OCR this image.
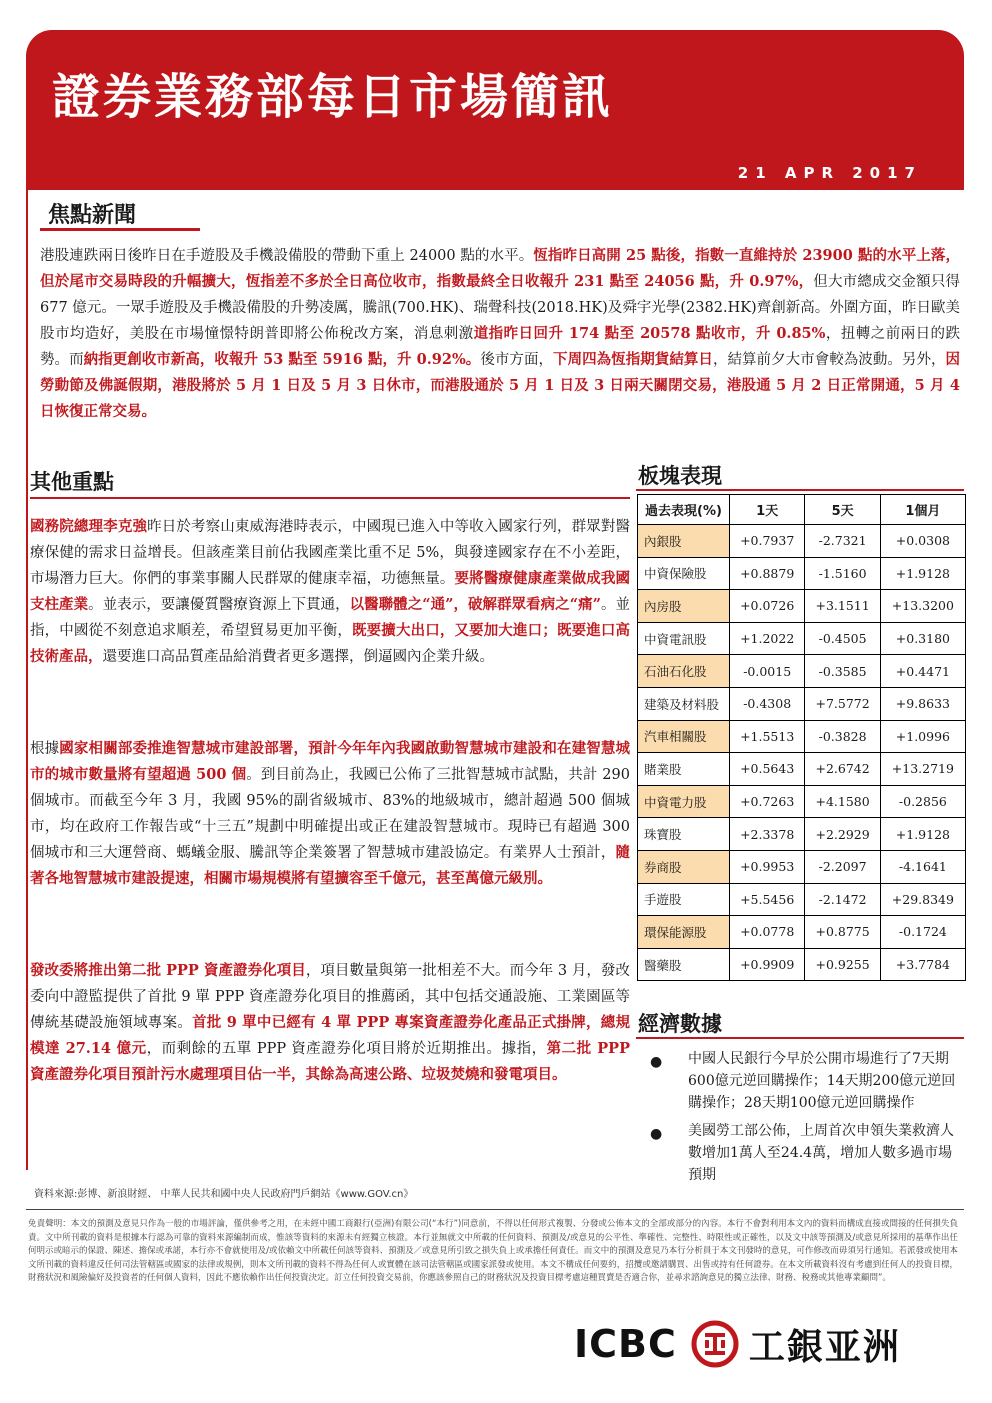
證券業務部每日市場簡訊
21 APR 2017
焦點新聞

港股連跌兩日後昨日在手遊股及手機設備股的帶動下重上 24000 點的水平。恆指昨日高開 25 點後，指數一直維持於 23900 點的水平上落，但於尾市交易時段的升幅擴大，恆指差不多於全日高位收市，指數最終全日收報升 231 點至 24056 點，升 0.97%，但大市總成交金額只得 677 億元。一眾手遊股及手機設備股的升勢凌厲，騰訊(700.HK)、瑞聲科技(2018.HK)及舜宇光學(2382.HK)齊創新高。外圍方面，昨日歐美股市均造好，美股在市場憧憬特朗普即將公佈稅改方案，消息刺激道指昨日回升 174 點至 20578 點收市，升 0.85%，扭轉之前兩日的跌勢。而納指更創收市新高，收報升 53 點至 5916 點，升 0.92%。後市方面，下周四為恆指期貨結算日，結算前夕大市會較為波動。另外，因勞動節及佛誕假期，港股將於 5 月 1 日及 5 月 3 日休市，而港股通於 5 月 1 日及 3 日兩天關閉交易，港股通 5 月 2 日正常開通，5 月 4 日恢復正常交易。

其他重點

國務院總理李克強昨日於考察山東威海港時表示，中國現已進入中等收入國家行列，群眾對醫療保健的需求日益增長。但該產業目前佔我國產業比重不足 5%，與發達國家存在不小差距，市場潛力巨大。你們的事業事關人民群眾的健康幸福，功德無量。要將醫療健康產業做成我國支柱產業。並表示，要讓優質醫療資源上下貫通，以醫聯體之“通”，破解群眾看病之“痛”。並指，中國從不刻意追求順差，希望貿易更加平衡，既要擴大出口，又要加大進口；既要進口高技術產品，還要進口高品質產品給消費者更多選擇，倒逼國內企業升級。

根據國家相關部委推進智慧城市建設部署，預計今年年內我國啟動智慧城市建設和在建智慧城市的城市數量將有望超過 500 個。到目前為止，我國已公佈了三批智慧城市試點，共計 290 個城市。而截至今年 3 月，我國 95%的副省級城市、83%的地級城市，總計超過 500 個城市，均在政府工作報告或“十三五”規劃中明確提出或正在建設智慧城市。現時已有超過 300 個城市和三大運營商、螞蟻金服、騰訊等企業簽署了智慧城市建設協定。有業界人士預計，隨著各地智慧城市建設提速，相關市場規模將有望擴容至千億元，甚至萬億元級別。

發改委將推出第二批 PPP 資產證券化項目，項目數量與第一批相差不大。而今年 3 月，發改委向中證監提供了首批 9 單 PPP 資產證券化項目的推薦函，其中包括交通設施、工業園區等傳統基礎設施領域專案。首批 9 單中已經有 4 單 PPP 專案資產證券化產品正式掛牌，總規模達 27.14 億元，而剩餘的五單 PPP 資產證券化項目將於近期推出。據指，第二批 PPP 資產證券化項目預計污水處理項目佔一半，其餘為高速公路、垃圾焚燒和發電項目。

板塊表現
過去表現(%)	1天	5天	1個月
內銀股	+0.7937	-2.7321	+0.0308
中資保險股	+0.8879	-1.5160	+1.9128
內房股	+0.0726	+3.1511	+13.3200
中資電訊股	+1.2022	-0.4505	+0.3180
石油石化股	-0.0015	-0.3585	+0.4471
建築及材料股	-0.4308	+7.5772	+9.8633
汽車相關股	+1.5513	-0.3828	+1.0996
賭業股	+0.5643	+2.6742	+13.2719
中資電力股	+0.7263	+4.1580	-0.2856
珠寶股	+2.3378	+2.2929	+1.9128
券商股	+0.9953	-2.2097	-4.1641
手遊股	+5.5456	-2.1472	+29.8349
環保能源股	+0.0778	+0.8775	-0.1724
醫藥股	+0.9909	+0.9255	+3.7784
經濟數據
● 中國人民銀行今早於公開市場進行了7天期600億元逆回購操作；14天期200億元逆回購操作；28天期100億元逆回購操作
● 美國勞工部公佈，上周首次申領失業救濟人數增加1萬人至24.4萬，增加人數多過市場預期
資料來源:彭博、新浪財經、 中華人民共和國中央人民政府門戶網站《www.GOV.cn》
免責聲明：本文的預測及意見只作為一般的市場評論，僅供參考之用，在未經中國工商銀行(亞洲)有限公司(“本行”)同意前，不得以任何形式複製、分發或公佈本文的全部或部分的內容。本行不會對利用本文內的資料而構成直接或間接的任何損失負責。文中所刊載的資料是根據本行認為可靠的資料來源編制而成，惟該等資料的來源未有經獨立核證。本行並無就文中所載的任何資料、預測及/或意見的公平性、準確性、完整性、時限性或正確性，以及文中該等預測及/或意見所採用的基準作出任何明示或暗示的保證、陳述、擔保或承諾，本行亦不會就使用及/或依賴文中所載任何該等資料、預測及／或意見所引致之損失負上或承擔任何責任。而文中的預測及意見乃本行分析員于本文刊發時的意見，可作修改而毋須另行通知。若派發或使用本文所刊載的資料違反任何司法管轄區或國家的法律或規例，則本文所刊載的資料不得為任何人或實體在該司法管轄區或國家派發或使用。本文不構成任何要約，招攬或邀請購買、出售或持有任何證券。在本文所載資料沒有考慮到任何人的投資目標，財務狀況和風險偏好及投資者的任何個人資料，因此不應依賴作出任何投資決定。訂立任何投資交易前，你應該參照自己的財務狀況及投資目標考慮這種買賣是否適合你，並尋求諮詢意見的獨立法律、財務、稅務或其他專業顧問”。
ICBC 工銀亚洲
